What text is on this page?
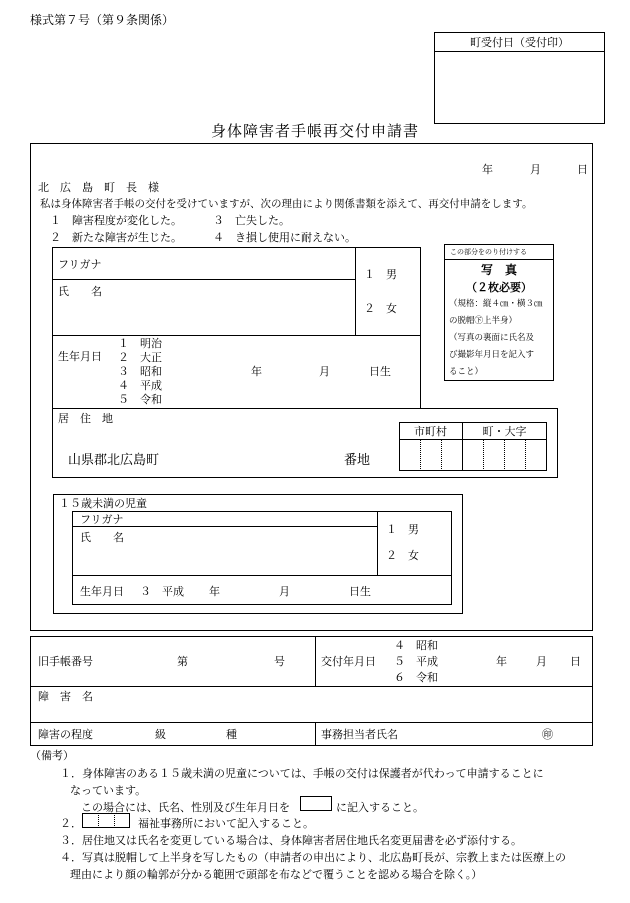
様式第７号（第９条関係）
町受付日（受付印）
身体障害者手帳再交付申請書
年	月	日
北　広　島　町　長　様
私は身体障害者手帳の交付を受けていますが、次の理由により関係書類を添えて、再交付申請をします。
１　障害程度が変化した。	３　亡失した。
２　新たな障害が生じた。	４　き損し使用に耐えない。
フリガナ
氏　　名
１　男
２　女
生年月日
１　明治
２　大正
３　昭和
４　平成
５　令和
年	月	日生
この部分をのり付けする
写　真
（２枚必要）
（規格：縦４㎝・横３㎝
の脱帽㊦上半身）
（写真の裏面に氏名及
び撮影年月日を記入す
ること）
居　住　地
山県郡北広島町	番地
市町村	町・大字
１５歳未満の児童
フリガナ
氏　　名
１　男
２　女
生年月日 ３　平成 年	月	日生
旧手帳番号	第	号	交付年月日
４　昭和
５　平成
６　令和
年	月 日
障　害　名
障害の程度	級	種	事務担当者氏名	㊞
（備考）
１．身体障害のある１５歳未満の児童については、手帳の交付は保護者が代わって申請することに
なっています。
この場合には、氏名、性別及び生年月日を	に記入すること。
２．	福祉事務所において記入すること。
３．居住地又は氏名を変更している場合は、身体障害者居住地氏名変更届書を必ず添付する。
４．写真は脱帽して上半身を写したもの（申請者の申出により、北広島町長が、宗教上または医療上の
理由により顔の輪郭が分かる範囲で頭部を布などで覆うことを認める場合を除く。）
